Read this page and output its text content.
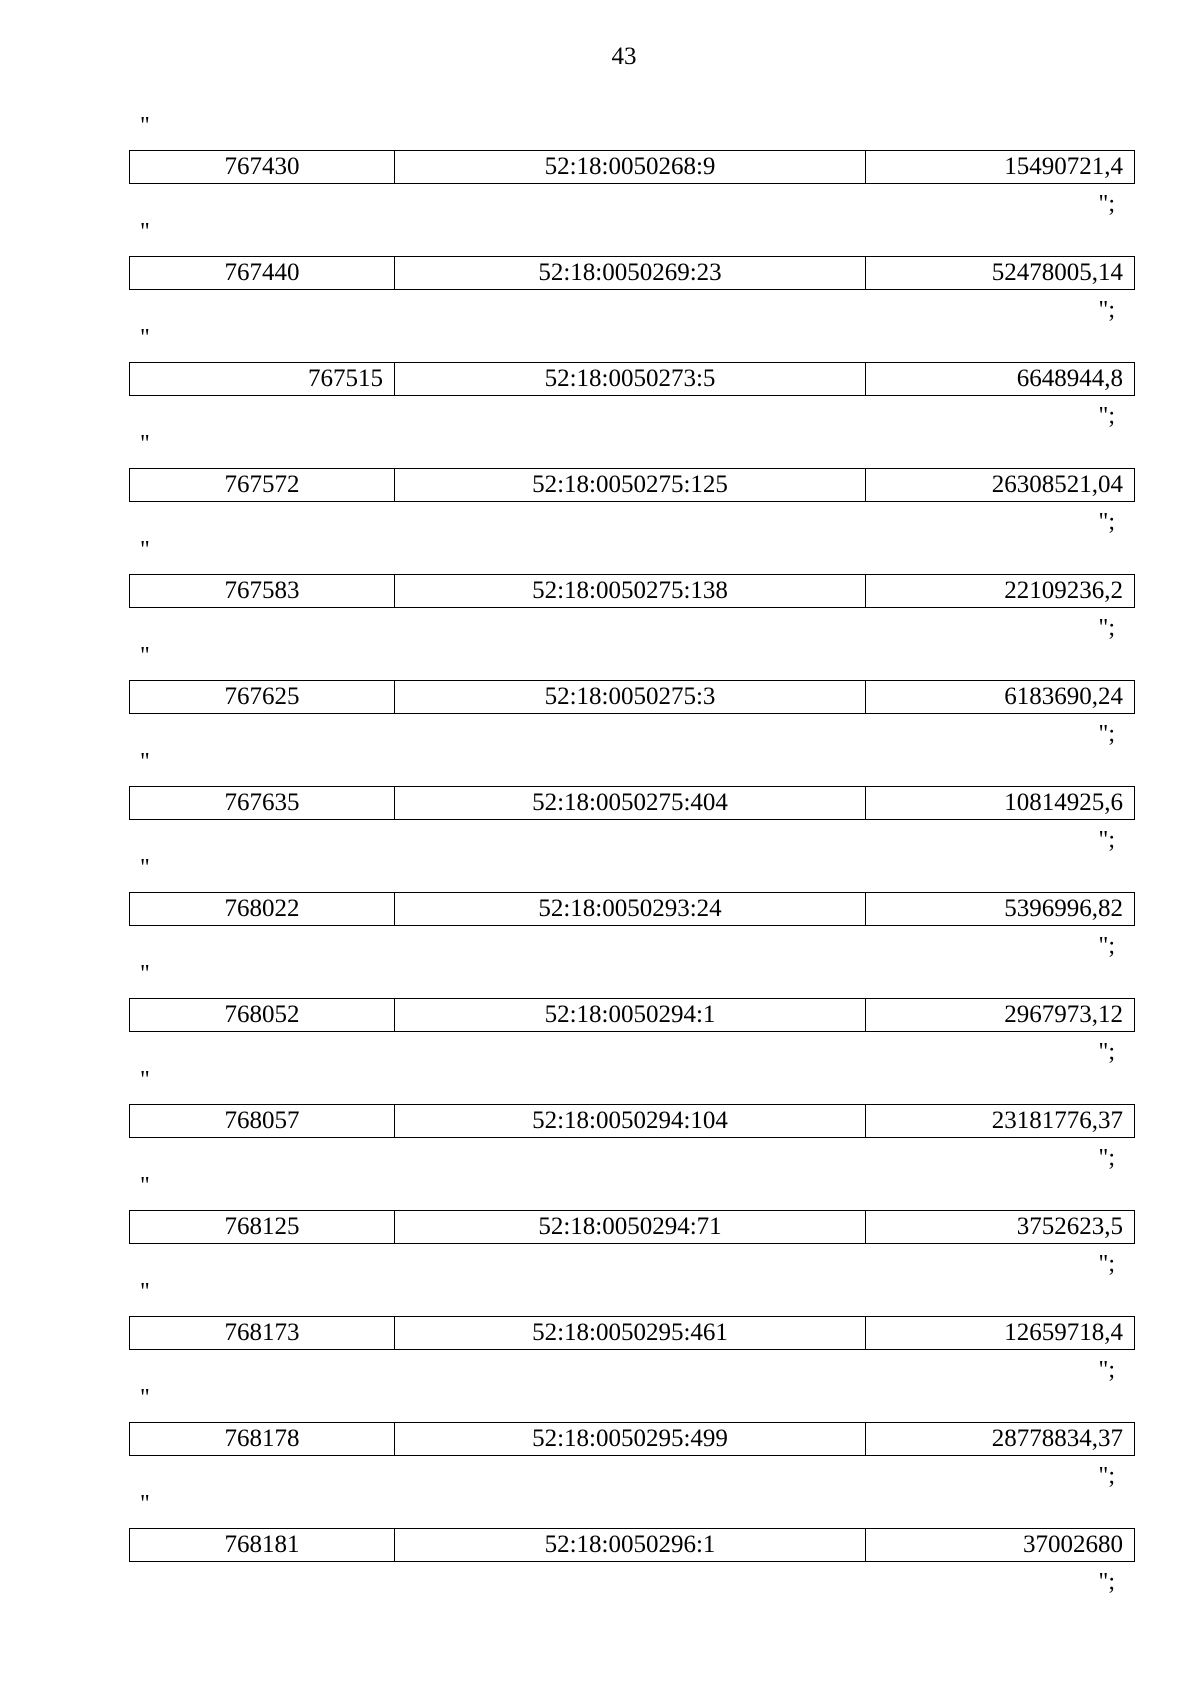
43
"
767430	52:18:0050268:9	15490721,4
";
"
767440	52:18:0050269:23	52478005,14
";
"
767515	52:18:0050273:5	6648944,8
";
"
767572	52:18:0050275:125	26308521,04
";
"
767583	52:18:0050275:138	22109236,2
";
"
767625	52:18:0050275:3	6183690,24
";
"
767635	52:18:0050275:404	10814925,6
";
"
768022	52:18:0050293:24	5396996,82
";
"
768052	52:18:0050294:1	2967973,12
";
"
768057	52:18:0050294:104	23181776,37
";
"
768125	52:18:0050294:71	3752623,5
";
"
768173	52:18:0050295:461	12659718,4
";
"
768178	52:18:0050295:499	28778834,37
";
"
768181	52:18:0050296:1	37002680
";
